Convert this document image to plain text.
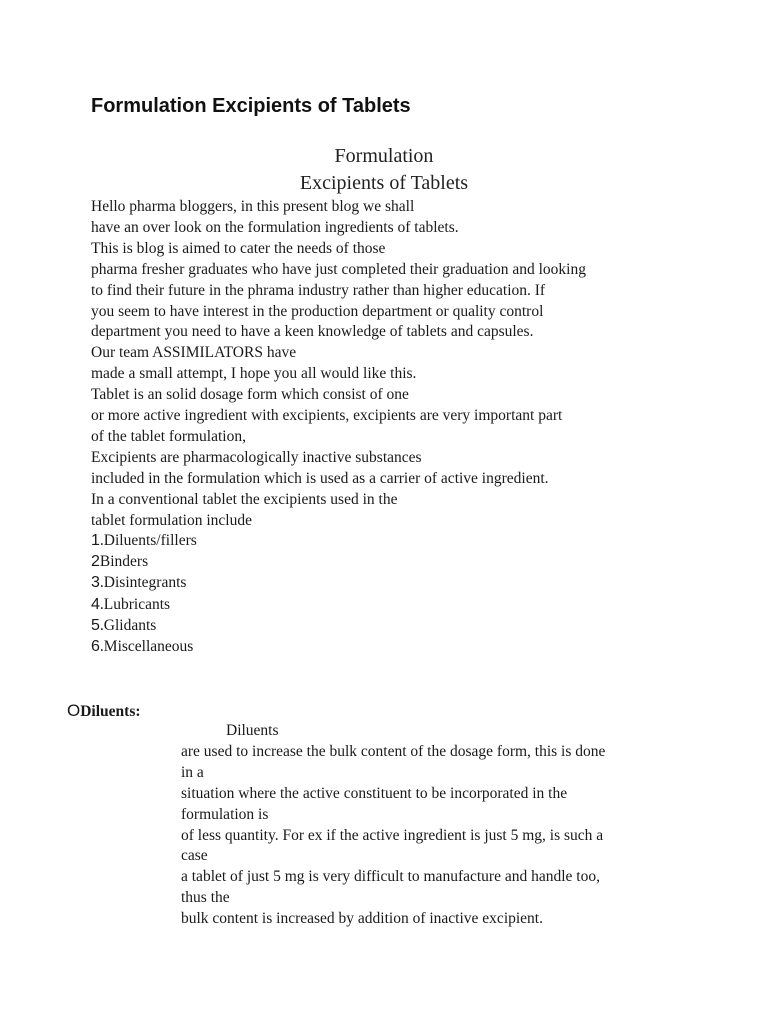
Formulation Excipients of Tablets
Formulation
Excipients of Tablets
Hello pharma bloggers, in this present blog we shall
have an over look on the formulation ingredients of tablets.
This is blog is aimed to cater the needs of those
pharma fresher graduates who have just completed their graduation and looking
to find their future in the phrama industry rather than higher education. If
you seem to have interest in the production department or quality control
department you need to have a keen knowledge of tablets and capsules.
Our team ASSIMILATORS have
made a small attempt, I hope you all would like this.
Tablet is an solid dosage form which consist of one
or more active ingredient with excipients, excipients are very important part
of the tablet formulation,
Excipients are pharmacologically inactive substances
included in the formulation which is used as a carrier of active ingredient.
In a conventional tablet the excipients used in the
tablet formulation include
1.Diluents/fillers
2Binders
3.Disintegrants
4.Lubricants
5.Glidants
6.Miscellaneous
ODiluents:
Diluents
are used to increase the bulk content of the dosage form, this is done
in a
situation where the active constituent to be incorporated in the
formulation is
of less quantity. For ex if the active ingredient is just 5 mg, is such a
case
a tablet of just 5 mg is very difficult to manufacture and handle too,
thus the
bulk content is increased by addition of inactive excipient.
